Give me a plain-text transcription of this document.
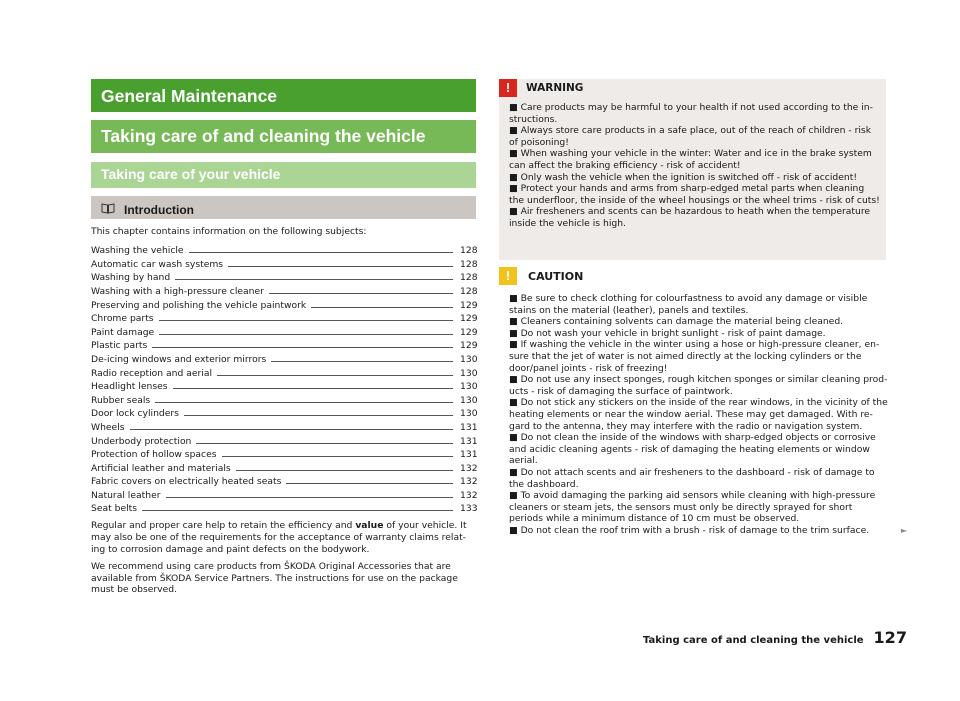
General Maintenance
Taking care of and cleaning the vehicle
Taking care of your vehicle
Introduction

This chapter contains information on the following subjects:

Washing the vehicle	128
Automatic car wash systems	128
Washing by hand	128
Washing with a high-pressure cleaner	128
Preserving and polishing the vehicle paintwork	129
Chrome parts	129
Paint damage	129
Plastic parts	129
De-icing windows and exterior mirrors	130
Radio reception and aerial	130
Headlight lenses	130
Rubber seals	130
Door lock cylinders	130
Wheels	131
Underbody protection	131
Protection of hollow spaces	131
Artificial leather and materials	132
Fabric covers on electrically heated seats	132
Natural leather	132
Seat belts	133

Regular and proper care help to retain the efficiency and value of your vehicle. It may also be one of the requirements for the acceptance of warranty claims relat-ing to corrosion damage and paint defects on the bodywork.

We recommend using care products from ŠKODA Original Accessories that are available from ŠKODA Service Partners. The instructions for use on the package must be observed.

!	WARNING

■ Care products may be harmful to your health if not used according to the in-structions.

■ Always store care products in a safe place, out of the reach of children - risk of poisoning!

■ When washing your vehicle in the winter: Water and ice in the brake system can affect the braking efficiency - risk of accident!

■ Only wash the vehicle when the ignition is switched off - risk of accident!

■ Protect your hands and arms from sharp-edged metal parts when cleaning the underfloor, the inside of the wheel housings or the wheel trims - risk of cuts!

■ Air fresheners and scents can be hazardous to heath when the temperature inside the vehicle is high.

!	CAUTION

■ Be sure to check clothing for colourfastness to avoid any damage or visible stains on the material (leather), panels and textiles.

■ Cleaners containing solvents can damage the material being cleaned.

■ Do not wash your vehicle in bright sunlight - risk of paint damage.

■ If washing the vehicle in the winter using a hose or high-pressure cleaner, en-sure that the jet of water is not aimed directly at the locking cylinders or the door/panel joints - risk of freezing!

■ Do not use any insect sponges, rough kitchen sponges or similar cleaning prod-ucts - risk of damaging the surface of paintwork.

■ Do not stick any stickers on the inside of the rear windows, in the vicinity of the heating elements or near the window aerial. These may get damaged. With re-gard to the antenna, they may interfere with the radio or navigation system.

■ Do not clean the inside of the windows with sharp-edged objects or corrosive and acidic cleaning agents - risk of damaging the heating elements or window aerial.

■ Do not attach scents and air fresheners to the dashboard - risk of damage to the dashboard.

■ To avoid damaging the parking aid sensors while cleaning with high-pressure cleaners or steam jets, the sensors must only be directly sprayed for short periods while a minimum distance of 10 cm must be observed.

■ Do not clean the roof trim with a brush - risk of damage to the trim surface.	►
Taking care of and cleaning the vehicle 127
